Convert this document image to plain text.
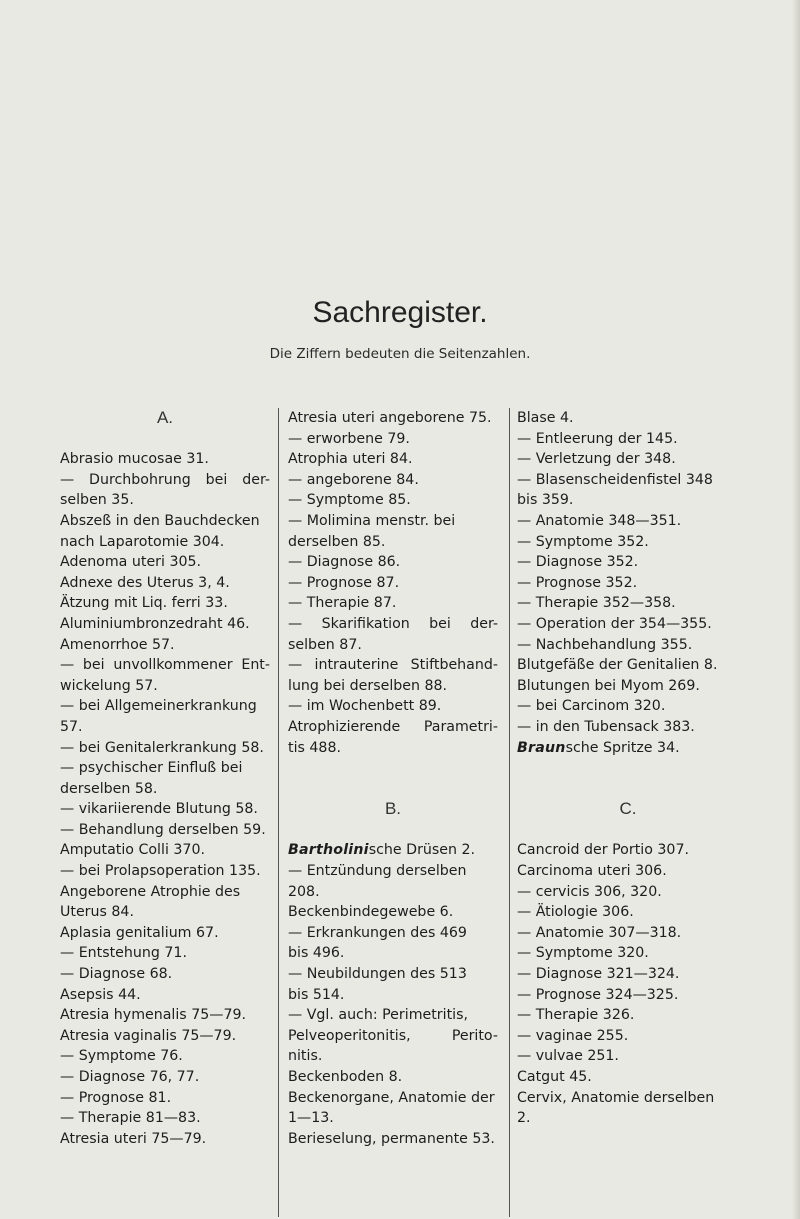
Sachregister.
Die Ziffern bedeuten die Seitenzahlen.
A.
Abrasio mucosae 31.
— Durchbohrung bei der-
selben 35.
Abszeß in den Bauchdecken
nach Laparotomie 304.
Adenoma uteri 305.
Adnexe des Uterus 3, 4.
Ätzung mit Liq. ferri 33.
Aluminiumbronzedraht 46.
Amenorrhoe 57.
— bei unvollkommener Ent-
wickelung 57.
— bei Allgemeinerkrankung
57.
— bei Genitalerkrankung 58.
— psychischer Einfluß bei
derselben 58.
— vikariierende Blutung 58.
— Behandlung derselben 59.
Amputatio Colli 370.
— bei Prolapsoperation 135.
Angeborene Atrophie des
Uterus 84.
Aplasia genitalium 67.
— Entstehung 71.
— Diagnose 68.
Asepsis 44.
Atresia hymenalis 75—79.
Atresia vaginalis 75—79.
— Symptome 76.
— Diagnose 76, 77.
— Prognose 81.
— Therapie 81—83.
Atresia uteri 75—79.
Atresia uteri angeborene 75.
— erworbene 79.
Atrophia uteri 84.
— angeborene 84.
— Symptome 85.
— Molimina menstr. bei
derselben 85.
— Diagnose 86.
— Prognose 87.
— Therapie 87.
— Skarifikation bei der-
selben 87.
— intrauterine Stiftbehand-
lung bei derselben 88.
— im Wochenbett 89.
Atrophizierende Parametri-
tis 488.
B.
Bartholinische Drüsen 2.
— Entzündung derselben
208.
Beckenbindegewebe 6.
— Erkrankungen des 469
bis 496.
— Neubildungen des 513
bis 514.
— Vgl. auch: Perimetritis,
Pelveoperitonitis, Perito-
nitis.
Beckenboden 8.
Beckenorgane, Anatomie der
1—13.
Berieselung, permanente 53.
Blase 4.
— Entleerung der 145.
— Verletzung der 348.
— Blasenscheidenfistel 348
bis 359.
— Anatomie 348—351.
— Symptome 352.
— Diagnose 352.
— Prognose 352.
— Therapie 352—358.
— Operation der 354—355.
— Nachbehandlung 355.
Blutgefäße der Genitalien 8.
Blutungen bei Myom 269.
— bei Carcinom 320.
— in den Tubensack 383.
Braunsche Spritze 34.
C.
Cancroid der Portio 307.
Carcinoma uteri 306.
— cervicis 306, 320.
— Ätiologie 306.
— Anatomie 307—318.
— Symptome 320.
— Diagnose 321—324.
— Prognose 324—325.
— Therapie 326.
— vaginae 255.
— vulvae 251.
Catgut 45.
Cervix, Anatomie derselben
2.
